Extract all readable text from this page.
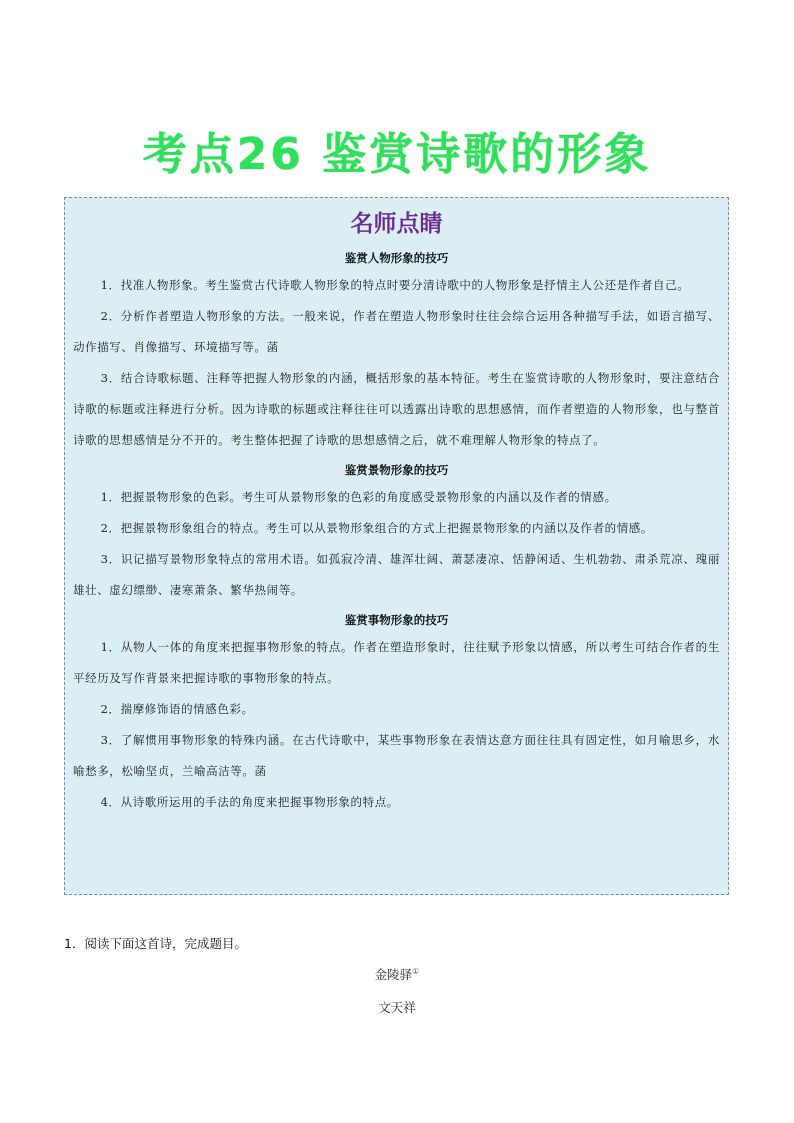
考点26 鉴赏诗歌的形象
名师点睛
鉴赏人物形象的技巧

1．找准人物形象。考生鉴赏古代诗歌人物形象的特点时要分清诗歌中的人物形象是抒情主人公还是作者自己。

2．分析作者塑造人物形象的方法。一般来说，作者在塑造人物形象时往往会综合运用各种描写手法，如语言描写、动作描写、肖像描写、环境描写等。菡

3．结合诗歌标题、注释等把握人物形象的内涵，概括形象的基本特征。考生在鉴赏诗歌的人物形象时，要注意结合诗歌的标题或注释进行分析。因为诗歌的标题或注释往往可以透露出诗歌的思想感情，而作者塑造的人物形象，也与整首诗歌的思想感情是分不开的。考生整体把握了诗歌的思想感情之后，就不难理解人物形象的特点了。

鉴赏景物形象的技巧

1．把握景物形象的色彩。考生可从景物形象的色彩的角度感受景物形象的内涵以及作者的情感。

2．把握景物形象组合的特点。考生可以从景物形象组合的方式上把握景物形象的内涵以及作者的情感。

3．识记描写景物形象特点的常用术语。如孤寂冷清、雄浑壮阔、萧瑟凄凉、恬静闲适、生机勃勃、肃杀荒凉、瑰丽雄壮、虚幻缥缈、凄寒萧条、繁华热闹等。

鉴赏事物形象的技巧

1．从物人一体的角度来把握事物形象的特点。作者在塑造形象时，往往赋予形象以情感，所以考生可结合作者的生平经历及写作背景来把握诗歌的事物形象的特点。

2．揣摩修饰语的情感色彩。

3．了解惯用事物形象的特殊内涵。在古代诗歌中，某些事物形象在表情达意方面往往具有固定性，如月喻思乡，水喻愁多，松喻坚贞，兰喻高洁等。菡

4．从诗歌所运用的手法的角度来把握事物形象的特点。

1．阅读下面这首诗，完成题目。
金陵驿①
文天祥
